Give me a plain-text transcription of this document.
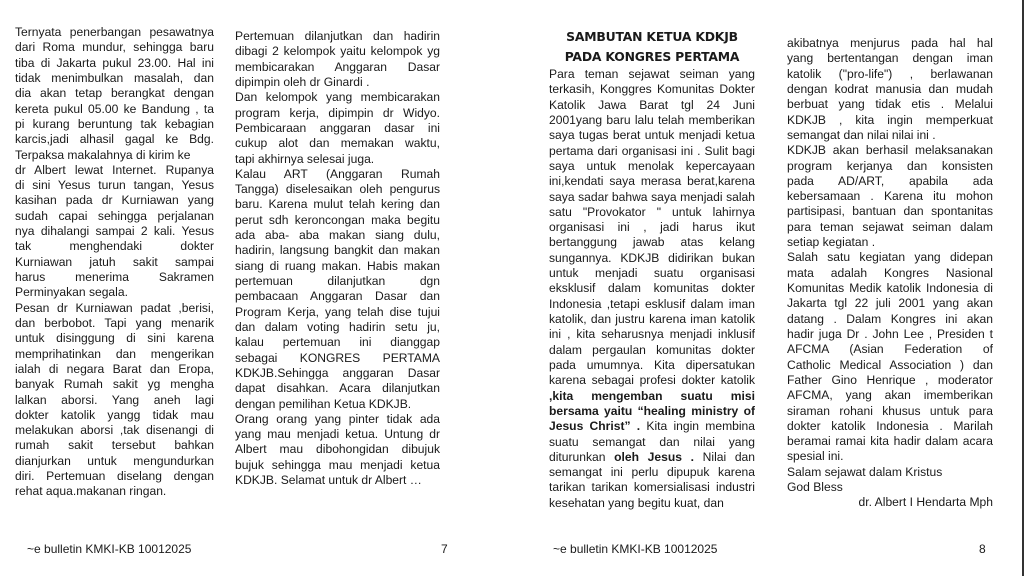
Ternyata penerbangan pesawatnya
dari Roma mundur, sehingga baru
tiba di Jakarta pukul 23.00. Hal ini
tidak menimbulkan masalah, dan
dia akan tetap berangkat dengan
kereta pukul 05.00 ke Bandung , ta
pi kurang beruntung tak kebagian
karcis,jadi alhasil gagal ke Bdg.
Terpaksa makalahnya di kirim ke
dr Albert lewat Internet. Rupanya
di sini Yesus turun tangan, Yesus
kasihan pada dr Kurniawan yang
sudah capai sehingga perjalanan
nya dihalangi sampai 2 kali. Yesus
tak menghendaki dokter
Kurniawan jatuh sakit sampai
harus menerima Sakramen
Perminyakan segala.
Pesan dr Kurniawan padat ,berisi,
dan berbobot. Tapi yang menarik
untuk disinggung di sini karena
memprihatinkan dan mengerikan
ialah di negara Barat dan Eropa,
banyak Rumah sakit yg mengha
lalkan aborsi. Yang aneh lagi
dokter katolik yangg tidak mau
melakukan aborsi ,tak disenangi di
rumah sakit tersebut bahkan
dianjurkan untuk mengundurkan
diri. Pertemuan diselang dengan
rehat aqua.makanan ringan.
Pertemuan dilanjutkan dan hadirin
dibagi 2 kelompok yaitu kelompok yg
membicarakan Anggaran Dasar
dipimpin oleh dr Ginardi .
Dan kelompok yang membicarakan
program kerja, dipimpin dr Widyo.
Pembicaraan anggaran dasar ini
cukup alot dan memakan waktu,
tapi akhirnya selesai juga.
Kalau ART (Anggaran Rumah
Tangga) diselesaikan oleh pengurus
baru. Karena mulut telah kering dan
perut sdh keroncongan maka begitu
ada aba- aba makan siang dulu,
hadirin, langsung bangkit dan makan
siang di ruang makan. Habis makan
pertemuan dilanjutkan dgn
pembacaan Anggaran Dasar dan
Program Kerja, yang telah dise tujui
dan dalam voting hadirin setu ju,
kalau pertemuan ini dianggap
sebagai KONGRES PERTAMA
KDKJB.Sehingga anggaran Dasar
dapat disahkan. Acara dilanjutkan
dengan pemilihan Ketua KDKJB.
Orang orang yang pinter tidak ada
yang mau menjadi ketua. Untung dr
Albert mau dibohongidan dibujuk
bujuk sehingga mau menjadi ketua
KDKJB. Selamat untuk dr Albert …
~e bulletin KMKI-KB 10012025	7
SAMBUTAN KETUA KDKJB
PADA KONGRES PERTAMA
Para teman sejawat seiman yang
terkasih, Konggres Komunitas Dokter
Katolik Jawa Barat tgl 24 Juni
2001yang baru lalu telah memberikan
saya tugas berat untuk menjadi ketua
pertama dari organisasi ini . Sulit bagi
saya untuk menolak kepercayaan
ini,kendati saya merasa berat,karena
saya sadar bahwa saya menjadi salah
satu "Provokator " untuk lahirnya
organisasi ini , jadi harus ikut
bertanggung jawab atas kelang
sungannya. KDKJB didirikan bukan
untuk menjadi suatu organisasi
eksklusif dalam komunitas dokter
Indonesia ,tetapi esklusif dalam iman
katolik, dan justru karena iman katolik
ini , kita seharusnya menjadi inklusif
dalam pergaulan komunitas dokter
pada umumnya. Kita dipersatukan
karena sebagai profesi dokter katolik
,kita mengemban suatu misi
bersama yaitu “healing ministry of
Jesus Christ” . Kita ingin membina
suatu semangat dan nilai yang
diturunkan oleh Jesus . Nilai dan
semangat ini perlu dipupuk karena
tarikan tarikan komersialisasi industri
kesehatan yang begitu kuat, dan
akibatnya menjurus pada hal hal
yang bertentangan dengan iman
katolik ("pro-life") , berlawanan
dengan kodrat manusia dan mudah
berbuat yang tidak etis . Melalui
KDKJB , kita ingin memperkuat
semangat dan nilai nilai ini .
KDKJB akan berhasil melaksanakan
program kerjanya dan konsisten
pada AD/ART, apabila ada
kebersamaan . Karena itu mohon
partisipasi, bantuan dan spontanitas
para teman sejawat seiman dalam
setiap kegiatan .
Salah satu kegiatan yang didepan
mata adalah Kongres Nasional
Komunitas Medik katolik Indonesia di
Jakarta tgl 22 juli 2001 yang akan
datang . Dalam Kongres ini akan
hadir juga Dr . John Lee , Presiden t
AFCMA (Asian Federation of
Catholic Medical Association ) dan
Father Gino Henrique , moderator
AFCMA, yang akan imemberikan
siraman rohani khusus untuk para
dokter katolik Indonesia . Marilah
beramai ramai kita hadir dalam acara
spesial ini.
Salam sejawat dalam Kristus
God Bless
dr. Albert I Hendarta Mph
~e bulletin KMKI-KB 10012025	8
